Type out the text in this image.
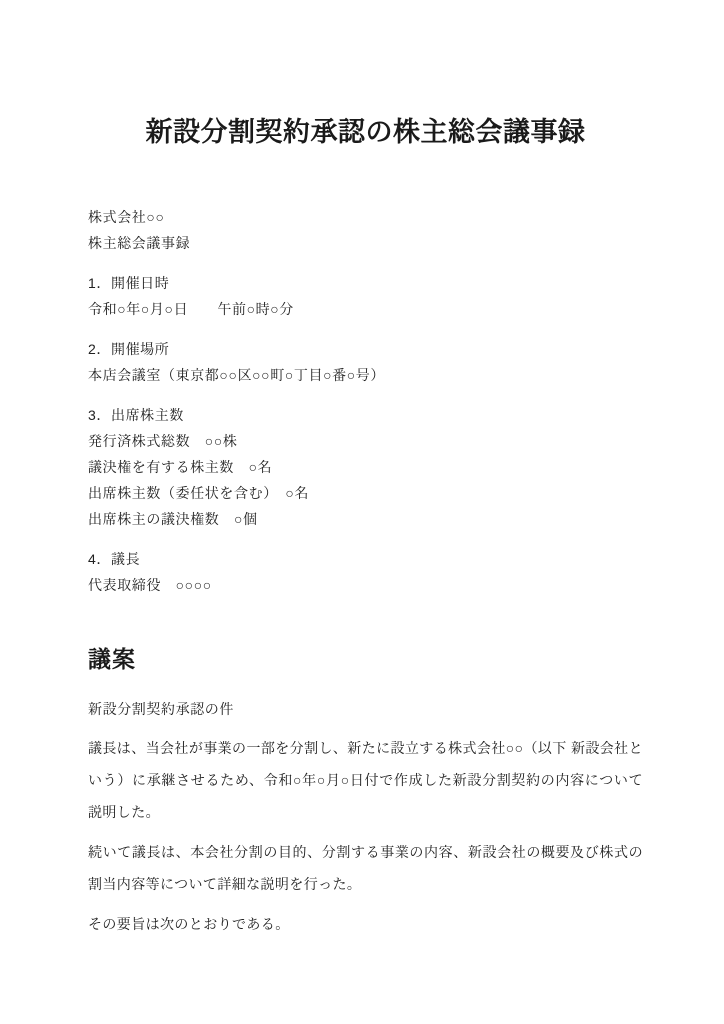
新設分割契約承認の株主総会議事録
株式会社○○
株主総会議事録
1．開催日時
令和○年○月○日　　午前○時○分
2．開催場所
本店会議室（東京都○○区○○町○丁目○番○号）
3．出席株主数
発行済株式総数　○○株
議決権を有する株主数　○名
出席株主数（委任状を含む）　○名
出席株主の議決権数　○個
4．議長
代表取締役　○○○○
議案
新設分割契約承認の件

議長は、当会社が事業の一部を分割し、新たに設立する株式会社○○（以下 新設会社という）に承継させるため、令和○年○月○日付で作成した新設分割契約の内容について説明した。

続いて議長は、本会社分割の目的、分割する事業の内容、新設会社の概要及び株式の割当内容等について詳細な説明を行った。

その要旨は次のとおりである。
